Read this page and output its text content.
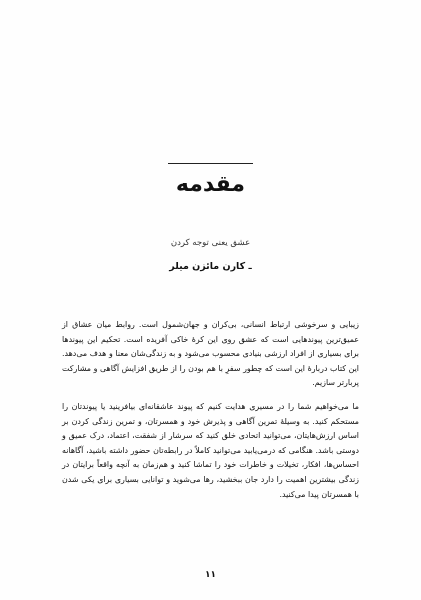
مقدمه
عشق یعنی توجه کردن
ـ کارن مائزن میلر

زیبایی و سرخوشی ارتباط انسانی، بی‌کران و جهان‌شمول است. روابط میان عشاق از عمیق‌ترین پیوندهایی است که عشق روی این کرهٔ خاکی آفریده است. تحکیم این پیوندها برای بسیاری از افراد ارزشی بنیادی محسوب می‌شود و به زندگی‌شان معنا و هدف می‌دهد. این کتاب دربارهٔ این است که چطور سفرِ با هم بودن را از طریق افزایش آگاهی و مشارکت پربارتر سازیم.

ما می‌خواهیم شما را در مسیری هدایت کنیم که پیوند عاشقانه‌ای بیافرینید یا پیوندتان را مستحکم کنید. به وسیلهٔ تمرین آگاهی و پذیرش خود و همسرتان، و تمرین زندگی کردن بر اساس ارزش‌هایتان، می‌توانید اتحادی خلق کنید که سرشار از شفقت، اعتماد، درک عمیق و دوستی باشد. هنگامی که درمی‌یابید می‌توانید کاملاً در رابطه‌تان حضور داشته باشید، آگاهانه احساس‌ها، افکار، تخیلات و خاطرات خود را تماشا کنید و هم‌زمان به آنچه واقعاً برایتان در زندگی بیشترین اهمیت را دارد جان ببخشید، رها می‌شوید و توانایی بسیاری برای یکی شدن با همسرتان پیدا می‌کنید.

۱۱
